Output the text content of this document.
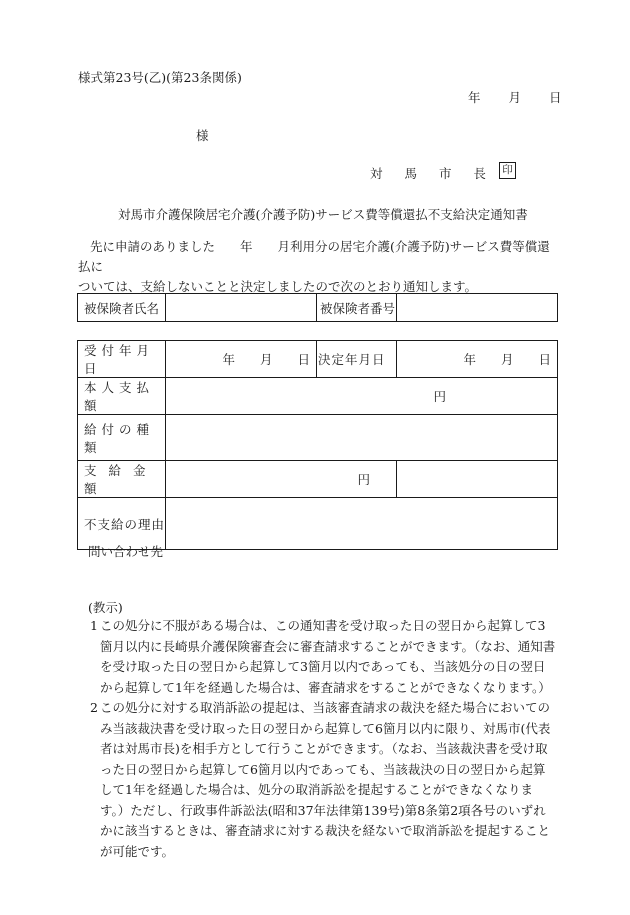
様式第23号(乙)(第23条関係)
年 月 日
様
対 馬 市 長 印
対馬市介護保険居宅介護(介護予防)サービス費等償還払不支給決定通知書

先に申請のありました　　年　　月利用分の居宅介護(介護予防)サービス費等償還払に

ついては、支給しないことと決定しましたので次のとおり通知します。

被保険者氏名		被保険者番号	
受付年月日	年　　月　　日	決定年月日	年　　月　　日
本人支払額	円		
給付の種類			
支給金額	円		
不支給の理由			
問い合わせ先
(教示)

1 この処分に不服がある場合は、この通知書を受け取った日の翌日から起算して3箇月以内に長崎県介護保険審査会に審査請求することができます。（なお、通知書を受け取った日の翌日から起算して3箇月以内であっても、当該処分の日の翌日から起算して1年を経過した場合は、審査請求をすることができなくなります。）

2 この処分に対する取消訴訟の提起は、当該審査請求の裁決を経た場合においてのみ当該裁決書を受け取った日の翌日から起算して6箇月以内に限り、対馬市(代表者は対馬市長)を相手方として行うことができます。（なお、当該裁決書を受け取った日の翌日から起算して6箇月以内であっても、当該裁決の日の翌日から起算して1年を経過した場合は、処分の取消訴訟を提起することができなくなります。）ただし、行政事件訴訟法(昭和37年法律第139号)第8条第2項各号のいずれかに該当するときは、審査請求に対する裁決を経ないで取消訴訟を提起することが可能です。
